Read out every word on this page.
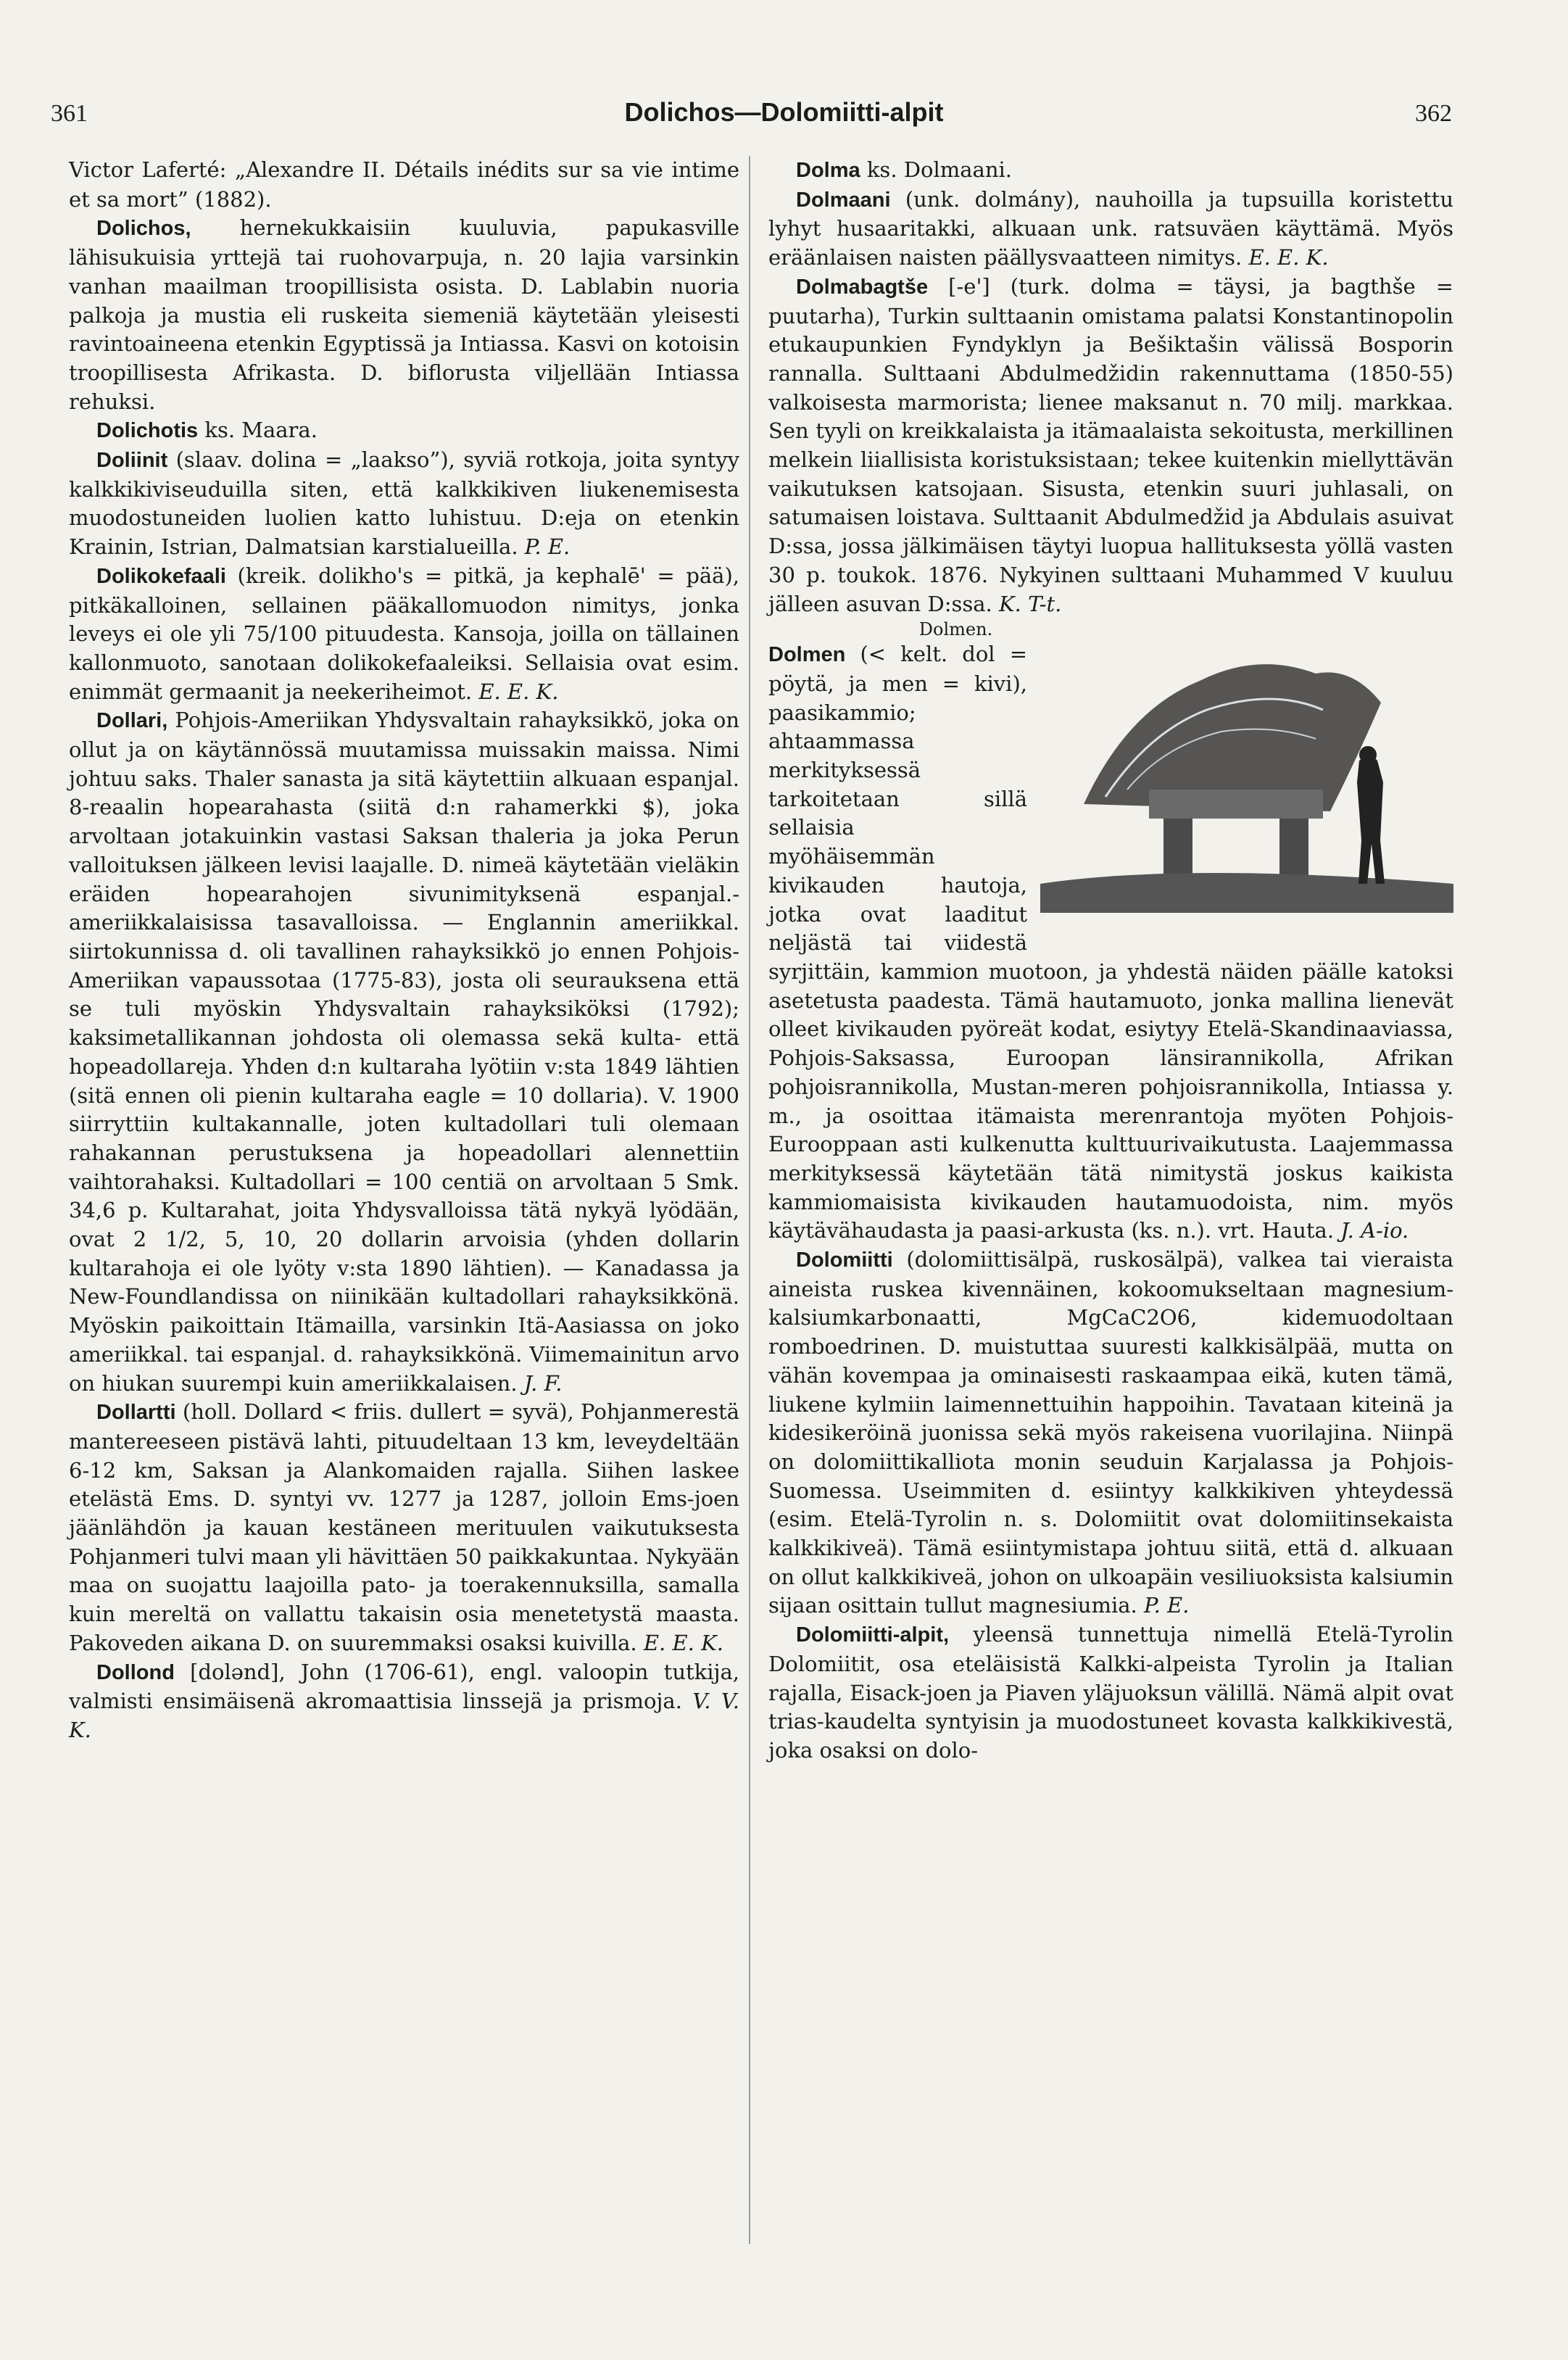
361	Dolichos—Dolomiitti-alpit	362

Victor Laferté: „Alexandre II. Détails inédits sur sa vie intime et sa mort” (1882).

Dolichos, hernekukkaisiin kuuluvia, papukasville lähisukuisia yrttejä tai ruohovarpuja, n. 20 lajia varsinkin vanhan maailman troopillisista osista. D. Lablabin nuoria palkoja ja mustia eli ruskeita siemeniä käytetään yleisesti ravintoaineena etenkin Egyptissä ja Intiassa. Kasvi on kotoisin troopillisesta Afrikasta. D. biflorusta viljellään Intiassa rehuksi.

Dolichotis ks. Maara.

Doliinit (slaav. dolina = „laakso”), syviä rotkoja, joita syntyy kalkkikiviseuduilla siten, että kalkkikiven liukenemisesta muodostuneiden luolien katto luhistuu. D:eja on etenkin Krainin, Istrian, Dalmatsian karstialueilla. P. E.

Dolikokefaali (kreik. dolikho's = pitkä, ja kephalē' = pää), pitkäkalloinen, sellainen pääkallomuodon nimitys, jonka leveys ei ole yli 75/100 pituudesta. Kansoja, joilla on tällainen kallonmuoto, sanotaan dolikokefaaleiksi. Sellaisia ovat esim. enimmät germaanit ja neekeriheimot. E. E. K.

Dollari, Pohjois-Ameriikan Yhdysvaltain rahayksikkö, joka on ollut ja on käytännössä muutamissa muissakin maissa. Nimi johtuu saks. Thaler sanasta ja sitä käytettiin alkuaan espanjal. 8-reaalin hopearahasta (siitä d:n rahamerkki $), joka arvoltaan jotakuinkin vastasi Saksan thaleria ja joka Perun valloituksen jälkeen levisi laajalle. D. nimeä käytetään vieläkin eräiden hopearahojen sivunimityksenä espanjal.-ameriikkalaisissa tasavalloissa. — Englannin ameriikkal. siirtokunnissa d. oli tavallinen rahayksikkö jo ennen Pohjois-Ameriikan vapaussotaa (1775-83), josta oli seurauksena että se tuli myöskin Yhdysvaltain rahayksiköksi (1792); kaksimetallikannan johdosta oli olemassa sekä kulta- että hopeadollareja. Yhden d:n kultaraha lyötiin v:sta 1849 lähtien (sitä ennen oli pienin kultaraha eagle = 10 dollaria). V. 1900 siirryttiin kultakannalle, joten kultadollari tuli olemaan rahakannan perustuksena ja hopeadollari alennettiin vaihtorahaksi. Kultadollari = 100 centiä on arvoltaan 5 Smk. 34,6 p. Kultarahat, joita Yhdysvalloissa tätä nykyä lyödään, ovat 2 1/2, 5, 10, 20 dollarin arvoisia (yhden dollarin kultarahoja ei ole lyöty v:sta 1890 lähtien). — Kanadassa ja New-Foundlandissa on niinikään kultadollari rahayksikkönä. Myöskin paikoittain Itämailla, varsinkin Itä-Aasiassa on joko ameriikkal. tai espanjal. d. rahayksikkönä. Viimemainitun arvo on hiukan suurempi kuin ameriikkalaisen. J. F.

Dollartti (holl. Dollard < friis. dullert = syvä), Pohjanmerestä mantereeseen pistävä lahti, pituudeltaan 13 km, leveydeltään 6-12 km, Saksan ja Alankomaiden rajalla. Siihen laskee etelästä Ems. D. syntyi vv. 1277 ja 1287, jolloin Ems-joen jäänlähdön ja kauan kestäneen merituulen vaikutuksesta Pohjanmeri tulvi maan yli hävittäen 50 paikkakuntaa. Nykyään maa on suojattu laajoilla pato- ja toerakennuksilla, samalla kuin mereltä on vallattu takaisin osia menetetystä maasta. Pakoveden aikana D. on suuremmaksi osaksi kuivilla. E. E. K.

Dollond [dolənd], John (1706-61), engl. valoopin tutkija, valmisti ensimäisenä akromaattisia linssejä ja prismoja. V. V. K.

Dolma ks. Dolmaani.

Dolmaani (unk. dolmány), nauhoilla ja tupsuilla koristettu lyhyt husaaritakki, alkuaan unk. ratsuväen käyttämä. Myös eräänlaisen naisten päällysvaatteen nimitys. E. E. K.

Dolmabagtše [-e'] (turk. dolma = täysi, ja bagthše = puutarha), Turkin sulttaanin omistama palatsi Konstantinopolin etukaupunkien Fyndyklyn ja Bešiktašin välissä Bosporin rannalla. Sulttaani Abdulmedžidin rakennuttama (1850-55) valkoisesta marmorista; lienee maksanut n. 70 milj. markkaa. Sen tyyli on kreikkalaista ja itämaalaista sekoitusta, merkillinen melkein liiallisista koristuksistaan; tekee kuitenkin miellyttävän vaikutuksen katsojaan. Sisusta, etenkin suuri juhlasali, on satumaisen loistava. Sulttaanit Abdulmedžid ja Abdulais asuivat D:ssa, jossa jälkimäisen täytyi luopua hallituksesta yöllä vasten 30 p. toukok. 1876. Nykyinen sulttaani Muhammed V kuuluu jälleen asuvan D:ssa. K. T-t.

Dolmen.
Dolmen (< kelt. dol = pöytä, ja men = kivi), paasikammio; ahtaammassa merkityksessä tarkoitetaan sillä sellaisia myöhäisemmän kivikauden hautoja, jotka ovat laaditut neljästä tai viidestä syrjittäin, kammion muotoon, ja yhdestä näiden päälle katoksi asetetusta paadesta. Tämä hautamuoto, jonka mallina lienevät olleet kivikauden pyöreät kodat, esiytyy Etelä-Skandinaaviassa, Pohjois-Saksassa, Euroopan länsirannikolla, Afrikan pohjoisrannikolla, Mustan-meren pohjoisrannikolla, Intiassa y. m., ja osoittaa itämaista merenrantoja myöten Pohjois-Eurooppaan asti kulkenutta kulttuurivaikutusta. Laajemmassa merkityksessä käytetään tätä nimitystä joskus kaikista kammiomaisista kivikauden hautamuodoista, nim. myös käytävähaudasta ja paasi-arkusta (ks. n.). vrt. Hauta. J. A-io.

Dolomiitti (dolomiittisälpä, ruskosälpä), valkea tai vieraista aineista ruskea kivennäinen, kokoomukseltaan magnesium-kalsiumkarbonaatti, MgCaC2O6, kidemuodoltaan romboedrinen. D. muistuttaa suuresti kalkkisälpää, mutta on vähän kovempaa ja ominaisesti raskaampaa eikä, kuten tämä, liukene kylmiin laimennettuihin happoihin. Tavataan kiteinä ja kidesikeröinä juonissa sekä myös rakeisena vuorilajina. Niinpä on dolomiittikalliota monin seuduin Karjalassa ja Pohjois-Suomessa. Useimmiten d. esiintyy kalkkikiven yhteydessä (esim. Etelä-Tyrolin n. s. Dolomiitit ovat dolomiitinsekaista kalkkikiveä). Tämä esiintymistapa johtuu siitä, että d. alkuaan on ollut kalkkikiveä, johon on ulkoapäin vesiliuoksista kalsiumin sijaan osittain tullut magnesiumia. P. E.

Dolomiitti-alpit, yleensä tunnettuja nimellä Etelä-Tyrolin Dolomiitit, osa eteläisistä Kalkki-alpeista Tyrolin ja Italian rajalla, Eisack-joen ja Piaven yläjuoksun välillä. Nämä alpit ovat trias-kaudelta syntyisin ja muodostuneet kovasta kalkkikivestä, joka osaksi on dolo-
